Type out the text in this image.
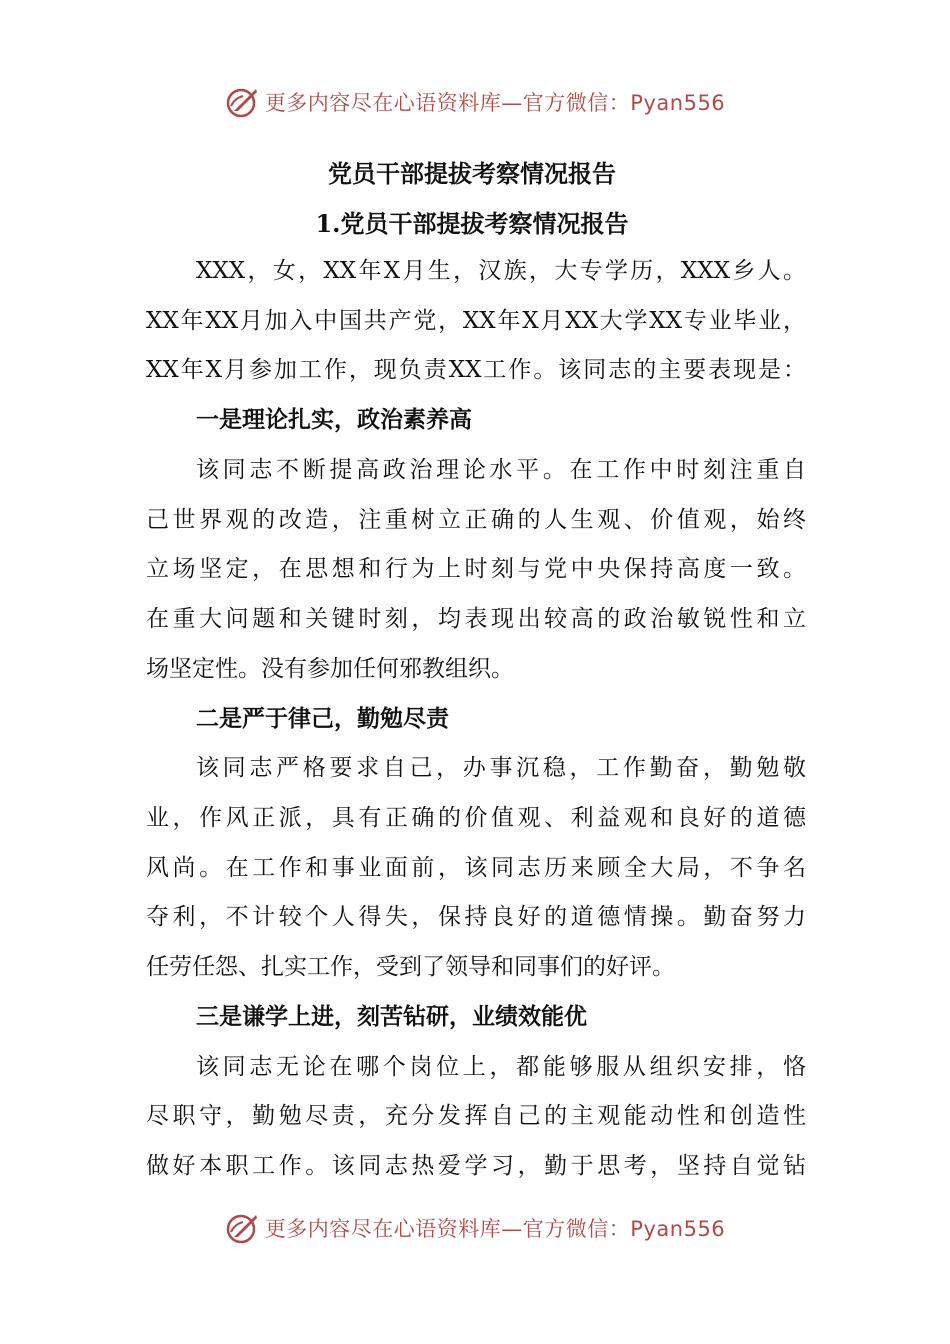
更多内容尽在心语资料库—官方微信：Pyan556
党员干部提拔考察情况报告
1.党员干部提拔考察情况报告
XXX，女，XX年X月生，汉族，大专学历，XXX乡人。
XX年XX月加入中国共产党，XX年X月XX大学XX专业毕业，
XX年X月参加工作，现负责XX工作。该同志的主要表现是：
一是理论扎实，政治素养高
该同志不断提高政治理论水平。在工作中时刻注重自
己世界观的改造，注重树立正确的人生观、价值观，始终
立场坚定，在思想和行为上时刻与党中央保持高度一致。
在重大问题和关键时刻，均表现出较高的政治敏锐性和立
场坚定性。没有参加任何邪教组织。
二是严于律己，勤勉尽责
该同志严格要求自己，办事沉稳，工作勤奋，勤勉敬
业，作风正派，具有正确的价值观、利益观和良好的道德
风尚。在工作和事业面前，该同志历来顾全大局，不争名
夺利，不计较个人得失，保持良好的道德情操。勤奋努力
任劳任怨、扎实工作，受到了领导和同事们的好评。
三是谦学上进，刻苦钻研，业绩效能优
该同志无论在哪个岗位上，都能够服从组织安排，恪
尽职守，勤勉尽责，充分发挥自己的主观能动性和创造性
做好本职工作。该同志热爱学习，勤于思考，坚持自觉钻
更多内容尽在心语资料库—官方微信：Pyan556
